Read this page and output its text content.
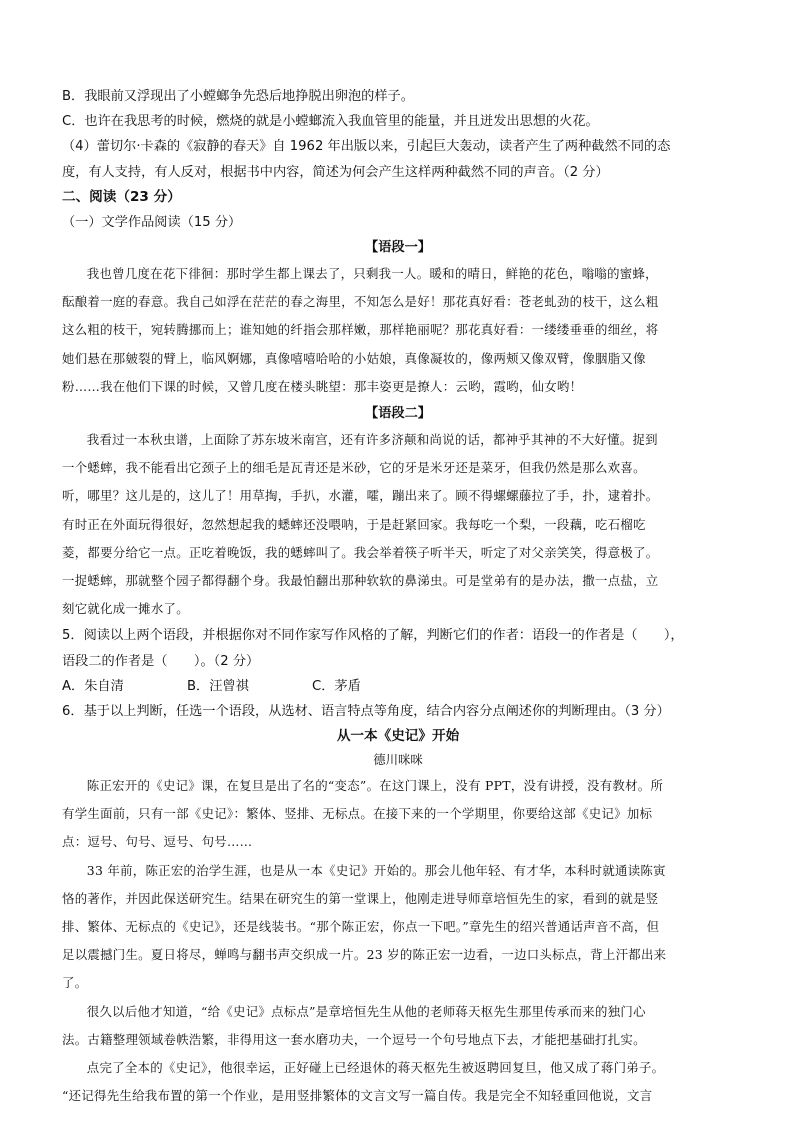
B．我眼前又浮现出了小螳螂争先恐后地挣脱出卵泡的样子。

C．也许在我思考的时候，燃烧的就是小螳螂流入我血管里的能量，并且迸发出思想的火花。

（4）蕾切尔·卡森的《寂静的春天》自 1962 年出版以来，引起巨大轰动，读者产生了两种截然不同的态

度，有人支持，有人反对，根据书中内容，简述为何会产生这样两种截然不同的声音。（2 分）

二、阅读（23 分）

（一）文学作品阅读（15 分）

【语段一】

我也曾几度在花下徘徊：那时学生都上课去了，只剩我一人。暖和的晴日，鲜艳的花色，嗡嗡的蜜蜂，

酝酿着一庭的春意。我自己如浮在茫茫的春之海里，不知怎么是好！那花真好看：苍老虬劲的枝干，这么粗

这么粗的枝干，宛转腾挪而上；谁知她的纤指会那样嫩，那样艳丽呢？那花真好看：一缕缕垂垂的细丝，将

她们悬在那皴裂的臂上，临风婀娜，真像嘻嘻哈哈的小姑娘，真像凝妆的，像两颊又像双臂，像胭脂又像

粉……我在他们下课的时候，又曾几度在楼头眺望：那丰姿更是撩人：云哟，霞哟，仙女哟！

【语段二】

我看过一本秋虫谱，上面除了苏东坡米南宫，还有许多济颠和尚说的话，都神乎其神的不大好懂。捉到

一个蟋蟀，我不能看出它颈子上的细毛是瓦青还是米砂，它的牙是米牙还是菜牙，但我仍然是那么欢喜。

听，哪里？这儿是的，这儿了！用草掏，手扒，水灌，嚯，蹦出来了。顾不得螺螺藤拉了手，扑，逮着扑。

有时正在外面玩得很好，忽然想起我的蟋蟀还没喂呐，于是赶紧回家。我每吃一个梨，一段藕，吃石榴吃

菱，都要分给它一点。正吃着晚饭，我的蟋蟀叫了。我会举着筷子听半天，听定了对父亲笑笑，得意极了。

一捉蟋蟀，那就整个园子都得翻个身。我最怕翻出那种软软的鼻涕虫。可是堂弟有的是办法，撒一点盐，立

刻它就化成一摊水了。

5．阅读以上两个语段，并根据你对不同作家写作风格的了解，判断它们的作者：语段一的作者是（　　），

语段二的作者是（　　）。（2 分）

A．朱自清	B．汪曾祺	C．茅盾

6．基于以上判断，任选一个语段，从选材、语言特点等角度，结合内容分点阐述你的判断理由。（3 分）

从一本《史记》开始

德川咪咪

陈正宏开的《史记》课，在复旦是出了名的“变态”。在这门课上，没有 PPT，没有讲授，没有教材。所

有学生面前，只有一部《史记》：繁体、竖排、无标点。在接下来的一个学期里，你要给这部《史记》加标

点：逗号、句号、逗号、句号……

33 年前，陈正宏的治学生涯，也是从一本《史记》开始的。那会儿他年轻、有才华，本科时就通读陈寅

恪的著作，并因此保送研究生。结果在研究生的第一堂课上，他刚走进导师章培恒先生的家，看到的就是竖

排、繁体、无标点的《史记》，还是线装书。“那个陈正宏，你点一下吧。”章先生的绍兴普通话声音不高，但

足以震撼门生。夏日将尽，蝉鸣与翻书声交织成一片。23 岁的陈正宏一边看，一边口头标点，背上汗都出来

了。

很久以后他才知道，“给《史记》点标点”是章培恒先生从他的老师蒋天枢先生那里传承而来的独门心

法。古籍整理领域卷帙浩繁，非得用这一套水磨功夫，一个逗号一个句号地点下去，才能把基础打扎实。

点完了全本的《史记》，他很幸运，正好碰上已经退休的蒋天枢先生被返聘回复旦，他又成了蒋门弟子。

“还记得先生给我布置的第一个作业，是用竖排繁体的文言文写一篇自传。我是完全不知轻重回他说，文言
